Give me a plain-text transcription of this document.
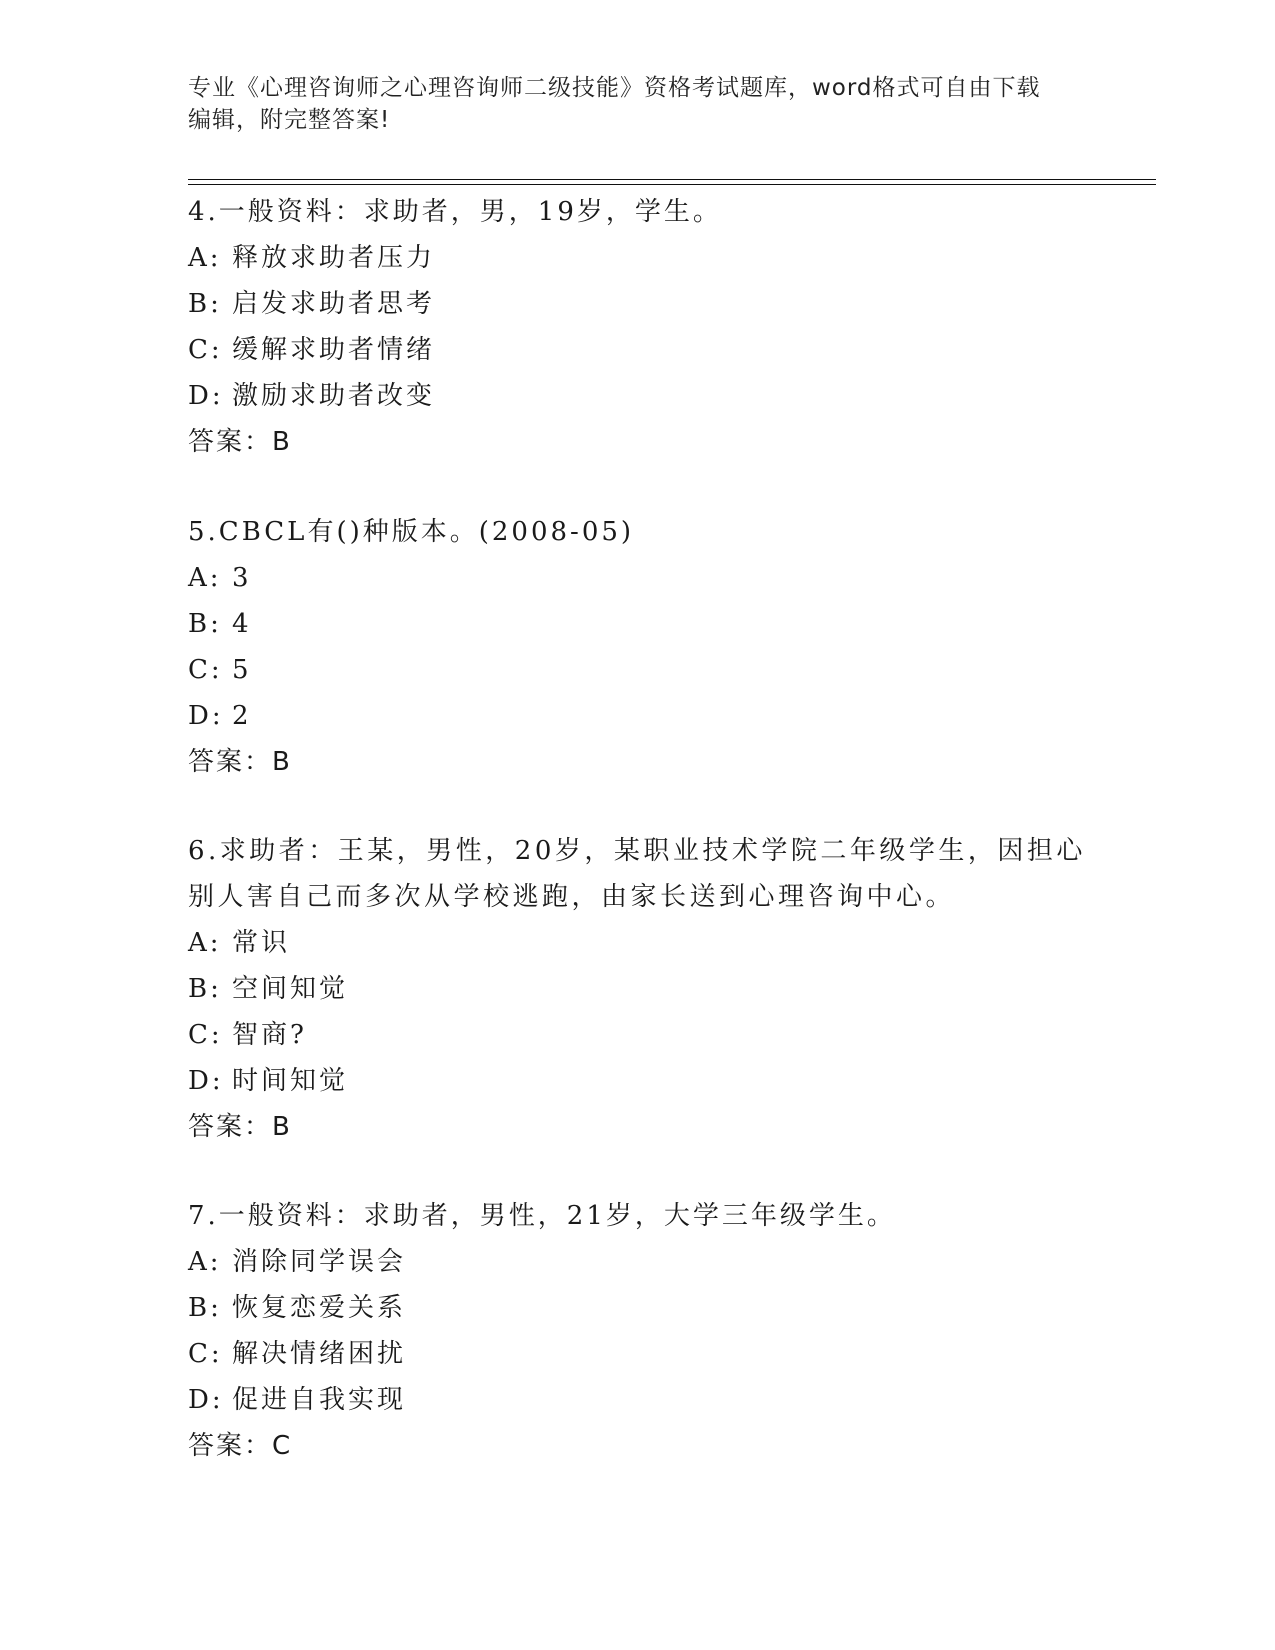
专业《心理咨询师之心理咨询师二级技能》资格考试题库，word格式可自由下载
编辑，附完整答案!
4.一般资料：求助者，男，19岁，学生。
A: 释放求助者压力
B: 启发求助者思考
C: 缓解求助者情绪
D: 激励求助者改变
答案：B
5.CBCL有()种版本。(2008-05)
A: 3
B: 4
C: 5
D: 2
答案：B
6.求助者：王某，男性，20岁，某职业技术学院二年级学生，因担心
别人害自己而多次从学校逃跑，由家长送到心理咨询中心。
A: 常识
B: 空间知觉
C: 智商?
D: 时间知觉
答案：B
7.一般资料：求助者，男性，21岁，大学三年级学生。
A: 消除同学误会
B: 恢复恋爱关系
C: 解决情绪困扰
D: 促进自我实现
答案：C
